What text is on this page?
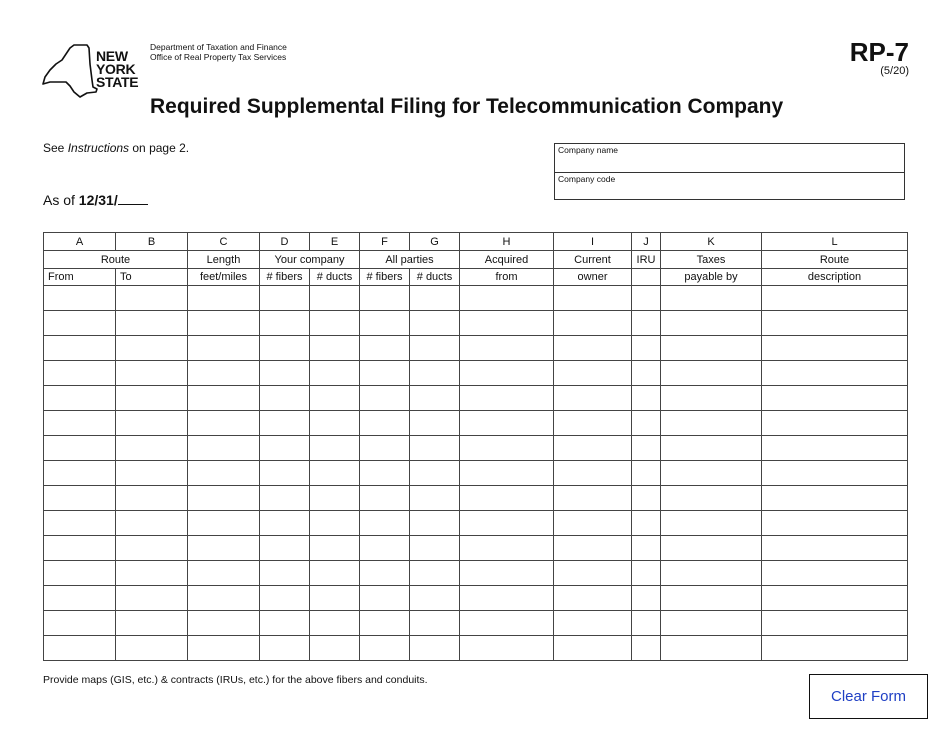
NEW
YORK
STATE
Department of Taxation and Finance
Office of Real Property Tax Services	RP-7
(5/20)
Required Supplemental Filing for Telecommunication Company
See Instructions on page 2.
As of 12/31/
Company name
Company code
A	B	C	D	E	F	G	H	I	J	K	L
Route		Length	Your company		All parties		Acquired	Current	IRU	Taxes	Route
From	To	feet/miles	# fibers	# ducts	# fibers	# ducts	from	owner		payable by	description

Provide maps (GIS, etc.) & contracts (IRUs, etc.) for the above fibers and conduits.
Clear Form
